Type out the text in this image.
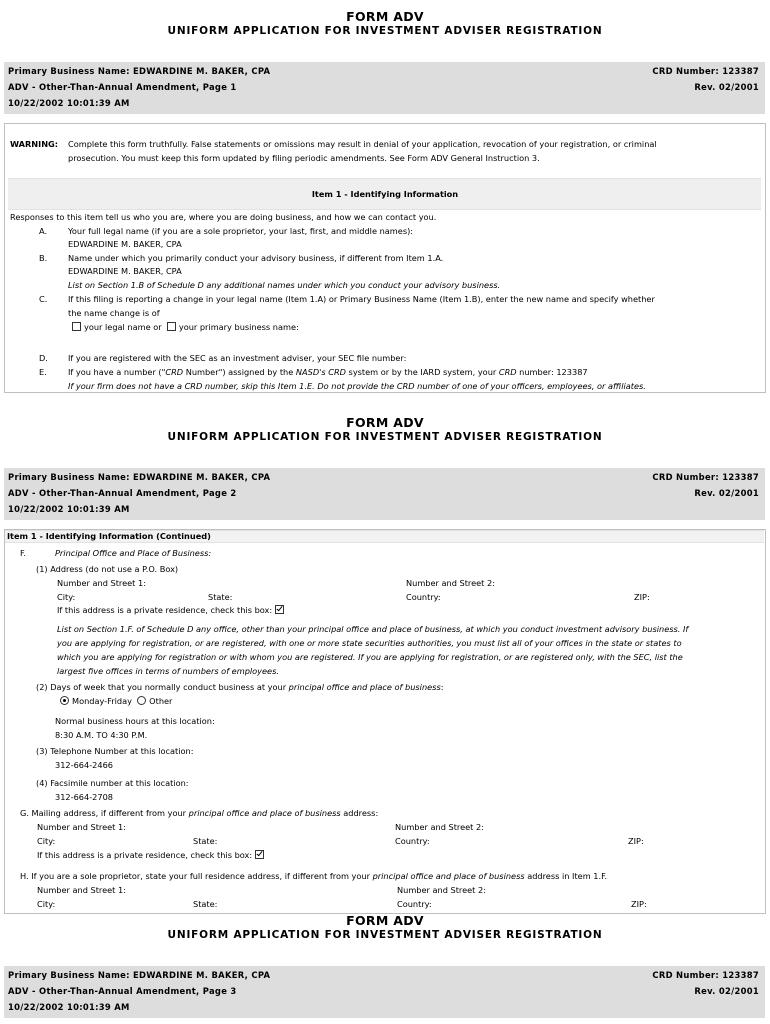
FORM ADV
UNIFORM APPLICATION FOR INVESTMENT ADVISER REGISTRATION
Primary Business Name: EDWARDINE M. BAKER, CPA	CRD Number: 123387
ADV - Other-Than-Annual Amendment, Page 1	Rev. 02/2001
10/22/2002 10:01:39 AM
WARNING: Complete this form truthfully. False statements or omissions may result in denial of your application, revocation of your registration, or criminal
prosecution. You must keep this form updated by filing periodic amendments. See Form ADV General Instruction 3.
Item 1 - Identifying Information
Responses to this item tell us who you are, where you are doing business, and how we can contact you.
A.	Your full legal name (if you are a sole proprietor, your last, first, and middle names):
EDWARDINE M. BAKER, CPA
B.	Name under which you primarily conduct your advisory business, if different from Item 1.A.
EDWARDINE M. BAKER, CPA
List on Section 1.B of Schedule D any additional names under which you conduct your advisory business.
C.	If this filing is reporting a change in your legal name (Item 1.A) or Primary Business Name (Item 1.B), enter the new name and specify whether
the name change is of
your legal name or your primary business name:
D. If you are registered with the SEC as an investment adviser, your SEC file number:
E.	If you have a number ("CRD Number") assigned by the NASD's CRD system or by the IARD system, your CRD number: 123387
If your firm does not have a CRD number, skip this Item 1.E. Do not provide the CRD number of one of your officers, employees, or affiliates.
FORM ADV
UNIFORM APPLICATION FOR INVESTMENT ADVISER REGISTRATION
Primary Business Name: EDWARDINE M. BAKER, CPA	CRD Number: 123387
ADV - Other-Than-Annual Amendment, Page 2	Rev. 02/2001
10/22/2002 10:01:39 AM
Item 1 - Identifying Information (Continued)
F.	Principal Office and Place of Business:
(1) Address (do not use a P.O. Box)
Number and Street 1:	Number and Street 2:
City:	State:	Country:	ZIP:
If this address is a private residence, check this box:
List on Section 1.F. of Schedule D any office, other than your principal office and place of business, at which you conduct investment advisory business. If
you are applying for registration, or are registered, with one or more state securities authorities, you must list all of your offices in the state or states to
which you are applying for registration or with whom you are registered. If you are applying for registration, or are registered only, with the SEC, list the
largest five offices in terms of numbers of employees.
(2) Days of week that you normally conduct business at your principal office and place of business:
Monday-Friday Other
Normal business hours at this location:
8:30 A.M. TO 4:30 P.M.
(3) Telephone Number at this location:
312-664-2466
(4) Facsimile number at this location:
312-664-2708
G. Mailing address, if different from your principal office and place of business address:
Number and Street 1:	Number and Street 2:
City:	State:	Country:	ZIP:
If this address is a private residence, check this box:
H. If you are a sole proprietor, state your full residence address, if different from your principal office and place of business address in Item 1.F.
Number and Street 1:	Number and Street 2:
City:	State:	Country:	ZIP:
FORM ADV
UNIFORM APPLICATION FOR INVESTMENT ADVISER REGISTRATION
Primary Business Name: EDWARDINE M. BAKER, CPA	CRD Number: 123387
ADV - Other-Than-Annual Amendment, Page 3	Rev. 02/2001
10/22/2002 10:01:39 AM
